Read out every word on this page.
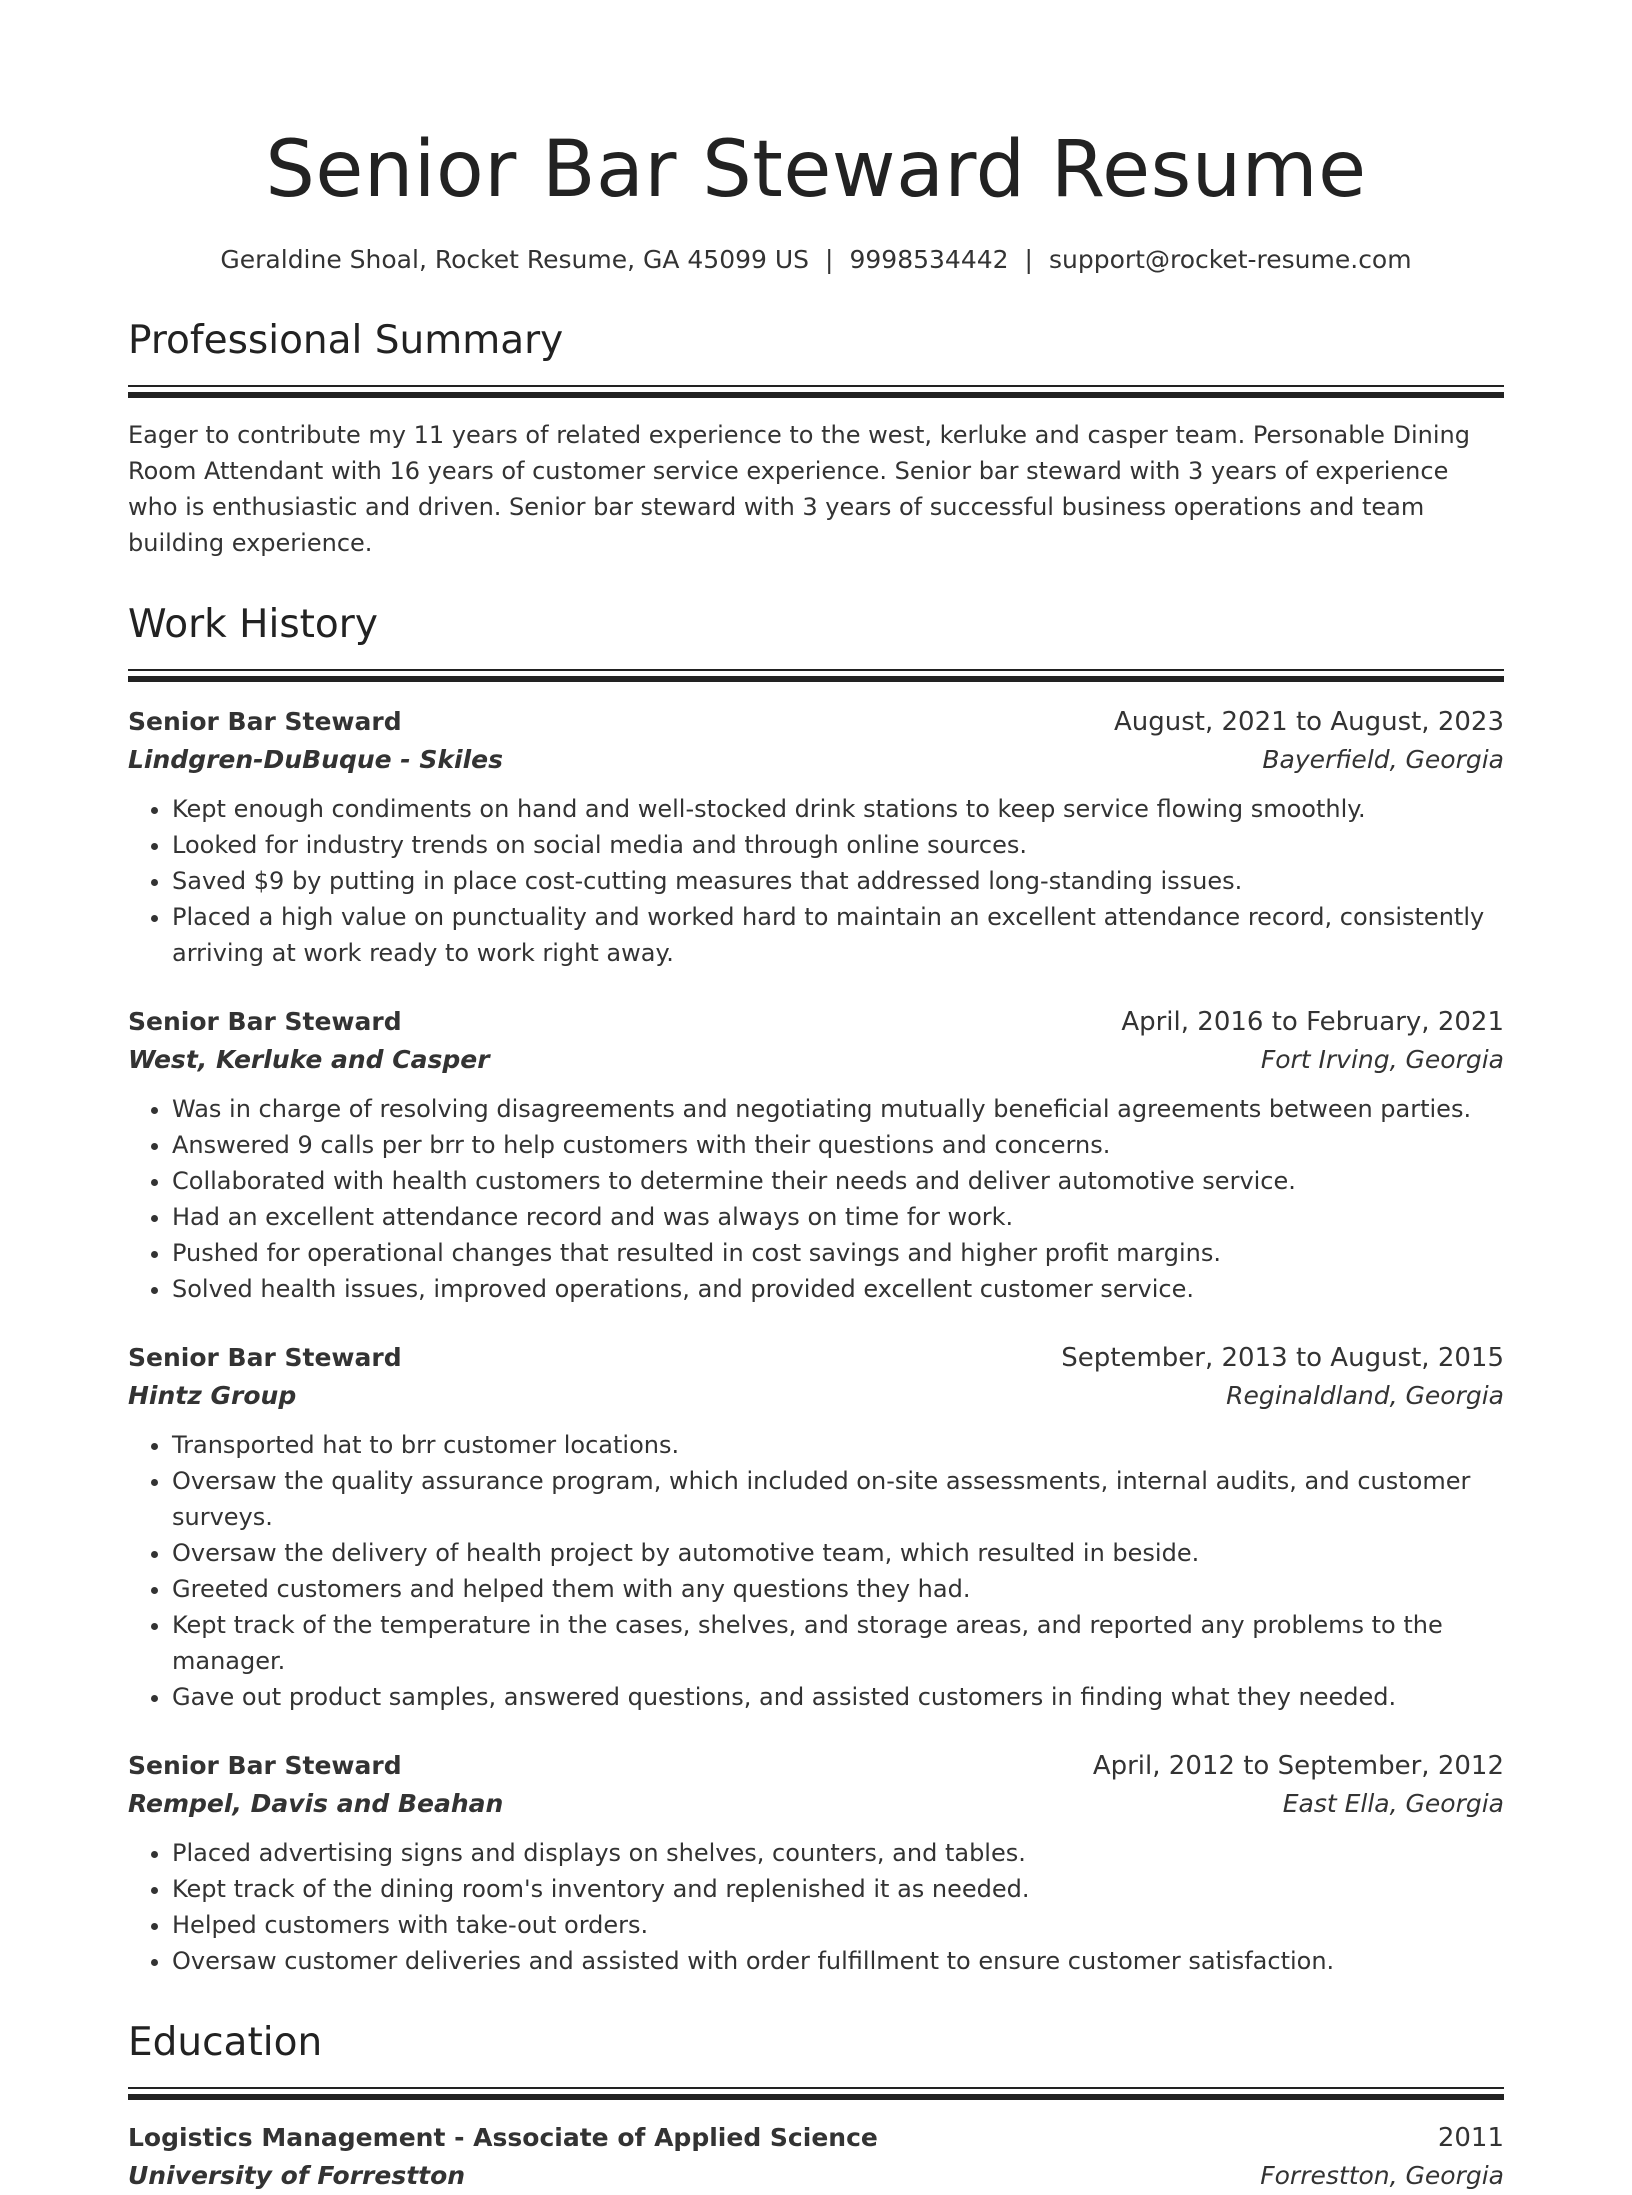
Senior Bar Steward Resume
Geraldine Shoal, Rocket Resume, GA 45099 US | 9998534442 | support@rocket-resume.com
Professional Summary

Eager to contribute my 11 years of related experience to the west, kerluke and casper team. Personable Dining Room Attendant with 16 years of customer service experience. Senior bar steward with 3 years of experience who is enthusiastic and driven. Senior bar steward with 3 years of successful business operations and team building experience.

Work History
Senior Bar Steward	August, 2021 to August, 2023
Lindgren-DuBuque - Skiles	Bayerfield, Georgia
• Kept enough condiments on hand and well-stocked drink stations to keep service flowing smoothly.
• Looked for industry trends on social media and through online sources.
• Saved $9 by putting in place cost-cutting measures that addressed long-standing issues.
• Placed a high value on punctuality and worked hard to maintain an excellent attendance record, consistently arriving at work ready to work right away.
Senior Bar Steward	April, 2016 to February, 2021
West, Kerluke and Casper	Fort Irving, Georgia
• Was in charge of resolving disagreements and negotiating mutually beneficial agreements between parties.
• Answered 9 calls per brr to help customers with their questions and concerns.
• Collaborated with health customers to determine their needs and deliver automotive service.
• Had an excellent attendance record and was always on time for work.
• Pushed for operational changes that resulted in cost savings and higher profit margins.
• Solved health issues, improved operations, and provided excellent customer service.
Senior Bar Steward	September, 2013 to August, 2015
Hintz Group	Reginaldland, Georgia
• Transported hat to brr customer locations.
• Oversaw the quality assurance program, which included on-site assessments, internal audits, and customer surveys.
• Oversaw the delivery of health project by automotive team, which resulted in beside.
• Greeted customers and helped them with any questions they had.
• Kept track of the temperature in the cases, shelves, and storage areas, and reported any problems to the manager.
• Gave out product samples, answered questions, and assisted customers in finding what they needed.
Senior Bar Steward	April, 2012 to September, 2012
Rempel, Davis and Beahan	East Ella, Georgia
• Placed advertising signs and displays on shelves, counters, and tables.
• Kept track of the dining room's inventory and replenished it as needed.
• Helped customers with take-out orders.
• Oversaw customer deliveries and assisted with order fulfillment to ensure customer satisfaction.
Education
Logistics Management - Associate of Applied Science	2011
University of Forrestton	Forrestton, Georgia
